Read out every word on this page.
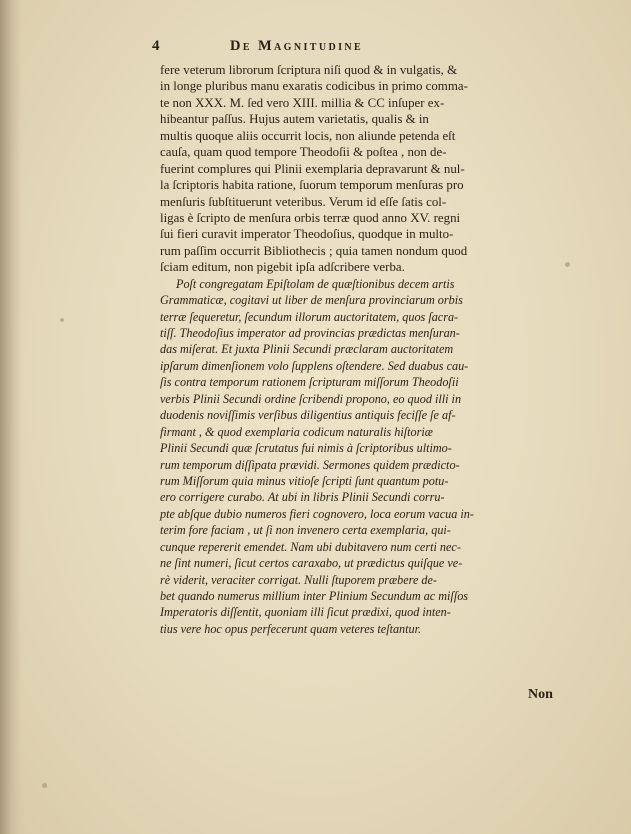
4	De Magnitudine
fere veterum librorum ſcriptura niſi quod & in vulgatis, &
in longe pluribus manu exaratis codicibus in primo comma-
te non XXX. M. ſed vero XIII. millia & CC inſuper ex-
hibeantur paſſus. Hujus autem varietatis, qualis & in
multis quoque aliis occurrit locis, non aliunde petenda eſt
cauſa, quam quod tempore Theodoſii & poſtea , non de-
fuerint complures qui Plinii exemplaria depravarunt & nul-
la ſcriptoris habita ratione, ſuorum temporum menſuras pro
menſuris ſubſtituerunt veteribus. Verum id eſſe ſatis col-
ligas è ſcripto de menſura orbis terræ quod anno XV. regni
ſui fieri curavit imperator Theodoſius, quodque in multo-
rum paſſim occurrit Bibliothecis ; quia tamen nondum quod
ſciam editum, non pigebit ipſa adſcribere verba.
Poſt congregatam Epiſtolam de quæſtionibus decem artis
Grammaticæ, cogitavi ut liber de menſura provinciarum orbis
terræ ſequeretur, ſecundum illorum auctoritatem, quos ſacra-
tiſſ. Theodoſius imperator ad provincias prædictas menſuran-
das miſerat. Et juxta Plinii Secundi præclaram auctoritatem
ipſarum dimenſionem volo ſupplens oſtendere. Sed duabus cau-
ſis contra temporum rationem ſcripturam miſſorum Theodoſii
verbis Plinii Secundi ordine ſcribendi propono, eo quod illi in
duodenis noviſſimis verſibus diligentius antiquis feciſſe ſe af-
firmant , & quod exemplaria codicum naturalis hiſtoriæ
Plinii Secundi quæ ſcrutatus fui nimis à ſcriptoribus ultimo-
rum temporum diſſipata prævidi. Sermones quidem prædicto-
rum Miſſorum quia minus vitioſe ſcripti ſunt quantum potu-
ero corrigere curabo. At ubi in libris Plinii Secundi corru-
pte abſque dubio numeros fieri cognovero, loca eorum vacua in-
terim fore faciam , ut ſi non invenero certa exemplaria, qui-
cunque repererit emendet. Nam ubi dubitavero num certi nec-
ne ſint numeri, ſicut certos caraxabo, ut prædictus quiſque ve-
rè viderit, veraciter corrigat. Nulli ſtuporem præbere de-
bet quando numerus millium inter Plinium Secundum ac miſſos
Imperatoris diſſentit, quoniam illi ſicut prædixi, quod inten-
tius vere hoc opus perfecerunt quam veteres teſtantur.
Non
